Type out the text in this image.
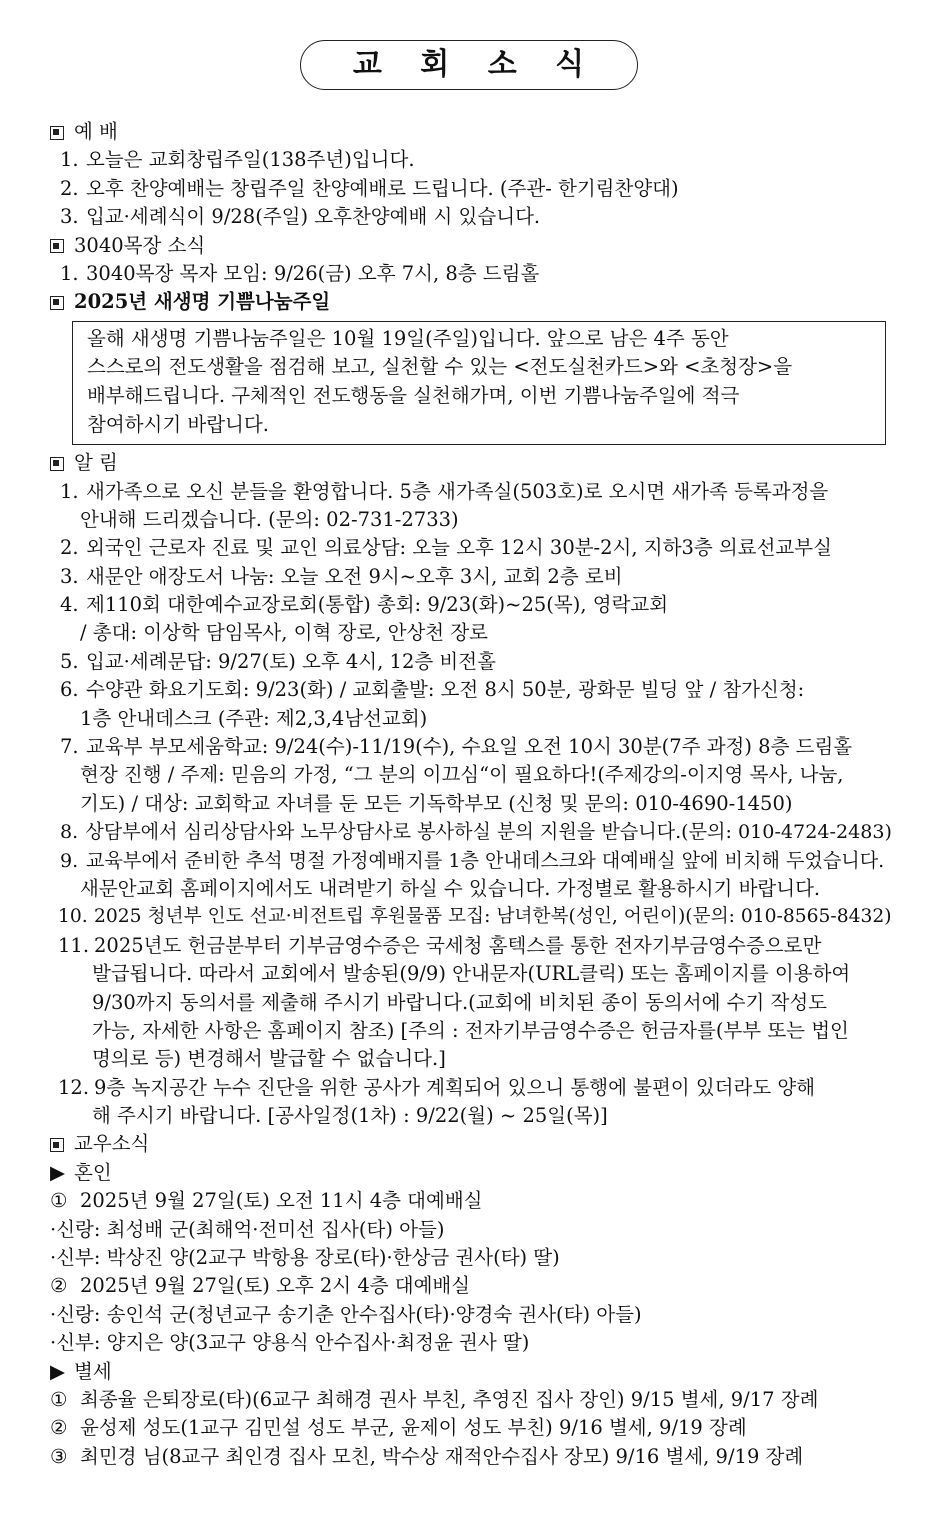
교 회 소 식
예 배
1. 오늘은 교회창립주일(138주년)입니다.
2. 오후 찬양예배는 창립주일 찬양예배로 드립니다. (주관- 한기림찬양대)
3. 입교·세례식이 9/28(주일) 오후찬양예배 시 있습니다.
3040목장 소식
1. 3040목장 목자 모임: 9/26(금) 오후 7시, 8층 드림홀
2025년 새생명 기쁨나눔주일
올해 새생명 기쁨나눔주일은 10월 19일(주일)입니다. 앞으로 남은 4주 동안
스스로의 전도생활을 점검해 보고, 실천할 수 있는 <전도실천카드>와 <초청장>을
배부해드립니다. 구체적인 전도행동을 실천해가며, 이번 기쁨나눔주일에 적극
참여하시기 바랍니다.
알 림
1. 새가족으로 오신 분들을 환영합니다. 5층 새가족실(503호)로 오시면 새가족 등록과정을
안내해 드리겠습니다. (문의: 02-731-2733)
2. 외국인 근로자 진료 및 교인 의료상담: 오늘 오후 12시 30분-2시, 지하3층 의료선교부실
3. 새문안 애장도서 나눔: 오늘 오전 9시~오후 3시, 교회 2층 로비
4. 제110회 대한예수교장로회(통합) 총회: 9/23(화)~25(목), 영락교회
/ 총대: 이상학 담임목사, 이혁 장로, 안상천 장로
5. 입교·세례문답: 9/27(토) 오후 4시, 12층 비전홀
6. 수양관 화요기도회: 9/23(화) / 교회출발: 오전 8시 50분, 광화문 빌딩 앞 / 참가신청:
1층 안내데스크 (주관: 제2,3,4남선교회)
7. 교육부 부모세움학교: 9/24(수)-11/19(수), 수요일 오전 10시 30분(7주 과정) 8층 드림홀
현장 진행 / 주제: 믿음의 가정, “그 분의 이끄심“이 필요하다!(주제강의-이지영 목사, 나눔,
기도) / 대상: 교회학교 자녀를 둔 모든 기독학부모 (신청 및 문의: 010-4690-1450)
8. 상담부에서 심리상담사와 노무상담사로 봉사하실 분의 지원을 받습니다.(문의: 010-4724-2483)
9. 교육부에서 준비한 추석 명절 가정예배지를 1층 안내데스크와 대예배실 앞에 비치해 두었습니다.
새문안교회 홈페이지에서도 내려받기 하실 수 있습니다. 가정별로 활용하시기 바랍니다.
10. 2025 청년부 인도 선교·비전트립 후원물품 모집: 남녀한복(성인, 어린이)(문의: 010-8565-8432)
11. 2025년도 헌금분부터 기부금영수증은 국세청 홈텍스를 통한 전자기부금영수증으로만
발급됩니다. 따라서 교회에서 발송된(9/9) 안내문자(URL클릭) 또는 홈페이지를 이용하여
9/30까지 동의서를 제출해 주시기 바랍니다.(교회에 비치된 종이 동의서에 수기 작성도
가능, 자세한 사항은 홈페이지 참조) [주의 : 전자기부금영수증은 헌금자를(부부 또는 법인
명의로 등) 변경해서 발급할 수 없습니다.]
12. 9층 녹지공간 누수 진단을 위한 공사가 계획되어 있으니 통행에 불편이 있더라도 양해
해 주시기 바랍니다. [공사일정(1차) : 9/22(월) ~ 25일(목)]
교우소식
▶ 혼인
① 2025년 9월 27일(토) 오전 11시 4층 대예배실
·신랑: 최성배 군(최해억·전미선 집사(타) 아들)
·신부: 박상진 양(2교구 박항용 장로(타)·한상금 권사(타) 딸)
② 2025년 9월 27일(토) 오후 2시 4층 대예배실
·신랑: 송인석 군(청년교구 송기춘 안수집사(타)·양경숙 권사(타) 아들)
·신부: 양지은 양(3교구 양용식 안수집사·최정윤 권사 딸)
▶ 별세
① 최종율 은퇴장로(타)(6교구 최해경 권사 부친, 추영진 집사 장인) 9/15 별세, 9/17 장례
② 윤성제 성도(1교구 김민설 성도 부군, 윤제이 성도 부친) 9/16 별세, 9/19 장례
③ 최민경 님(8교구 최인경 집사 모친, 박수상 재적안수집사 장모) 9/16 별세, 9/19 장례
